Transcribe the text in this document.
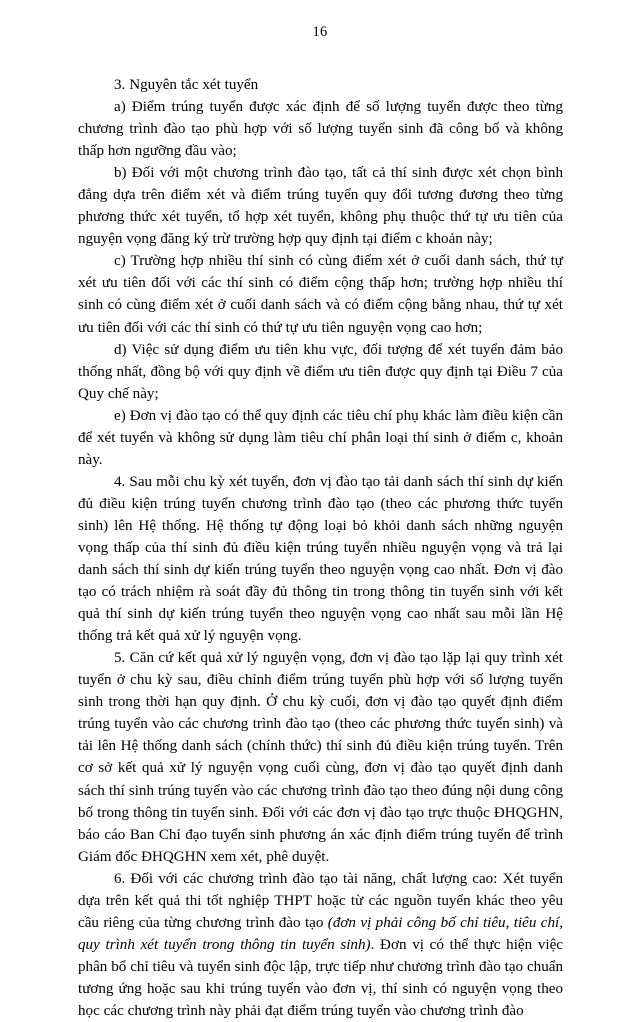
16

3. Nguyên tắc xét tuyển

a) Điểm trúng tuyển được xác định để số lượng tuyển được theo từng chương trình đào tạo phù hợp với số lượng tuyển sinh đã công bố và không thấp hơn ngưỡng đầu vào;

b) Đối với một chương trình đào tạo, tất cả thí sinh được xét chọn bình đẳng dựa trên điểm xét và điểm trúng tuyển quy đổi tương đương theo từng phương thức xét tuyển, tổ hợp xét tuyển, không phụ thuộc thứ tự ưu tiên của nguyện vọng đăng ký trừ trường hợp quy định tại điểm c khoản này;

c) Trường hợp nhiều thí sinh có cùng điểm xét ở cuối danh sách, thứ tự xét ưu tiên đối với các thí sinh có điểm cộng thấp hơn; trường hợp nhiều thí sinh có cùng điểm xét ở cuối danh sách và có điểm cộng bằng nhau, thứ tự xét ưu tiên đối với các thí sinh có thứ tự ưu tiên nguyện vọng cao hơn;

d) Việc sử dụng điểm ưu tiên khu vực, đối tượng để xét tuyển đảm bảo thống nhất, đồng bộ với quy định về điểm ưu tiên được quy định tại Điều 7 của Quy chế này;

e) Đơn vị đào tạo có thể quy định các tiêu chí phụ khác làm điều kiện cần để xét tuyển và không sử dụng làm tiêu chí phân loại thí sinh ở điểm c, khoản này.

4. Sau mỗi chu kỳ xét tuyển, đơn vị đào tạo tải danh sách thí sinh dự kiến đủ điều kiện trúng tuyển chương trình đào tạo (theo các phương thức tuyển sinh) lên Hệ thống. Hệ thống tự động loại bỏ khỏi danh sách những nguyện vọng thấp của thí sinh đủ điều kiện trúng tuyển nhiều nguyện vọng và trả lại danh sách thí sinh dự kiến trúng tuyển theo nguyện vọng cao nhất. Đơn vị đào tạo có trách nhiệm rà soát đầy đủ thông tin trong thông tin tuyển sinh với kết quả thí sinh dự kiến trúng tuyển theo nguyện vọng cao nhất sau mỗi lần Hệ thống trả kết quả xử lý nguyện vọng.

5. Căn cứ kết quả xử lý nguyện vọng, đơn vị đào tạo lặp lại quy trình xét tuyển ở chu kỳ sau, điều chỉnh điểm trúng tuyển phù hợp với số lượng tuyển sinh trong thời hạn quy định. Ở chu kỳ cuối, đơn vị đào tạo quyết định điểm trúng tuyển vào các chương trình đào tạo (theo các phương thức tuyển sinh) và tải lên Hệ thống danh sách (chính thức) thí sinh đủ điều kiện trúng tuyển. Trên cơ sở kết quả xử lý nguyện vọng cuối cùng, đơn vị đào tạo quyết định danh sách thí sinh trúng tuyển vào các chương trình đào tạo theo đúng nội dung công bố trong thông tin tuyển sinh. Đối với các đơn vị đào tạo trực thuộc ĐHQGHN, báo cáo Ban Chỉ đạo tuyển sinh phương án xác định điểm trúng tuyển để trình Giám đốc ĐHQGHN xem xét, phê duyệt.

6. Đối với các chương trình đào tạo tài năng, chất lượng cao: Xét tuyển dựa trên kết quả thi tốt nghiệp THPT hoặc từ các nguồn tuyển khác theo yêu cầu riêng của từng chương trình đào tạo (đơn vị phải công bố chỉ tiêu, tiêu chí, quy trình xét tuyển trong thông tin tuyển sinh). Đơn vị có thể thực hiện việc phân bổ chỉ tiêu và tuyển sinh độc lập, trực tiếp như chương trình đào tạo chuẩn tương ứng hoặc sau khi trúng tuyển vào đơn vị, thí sinh có nguyện vọng theo học các chương trình này phải đạt điểm trúng tuyển vào chương trình đào
